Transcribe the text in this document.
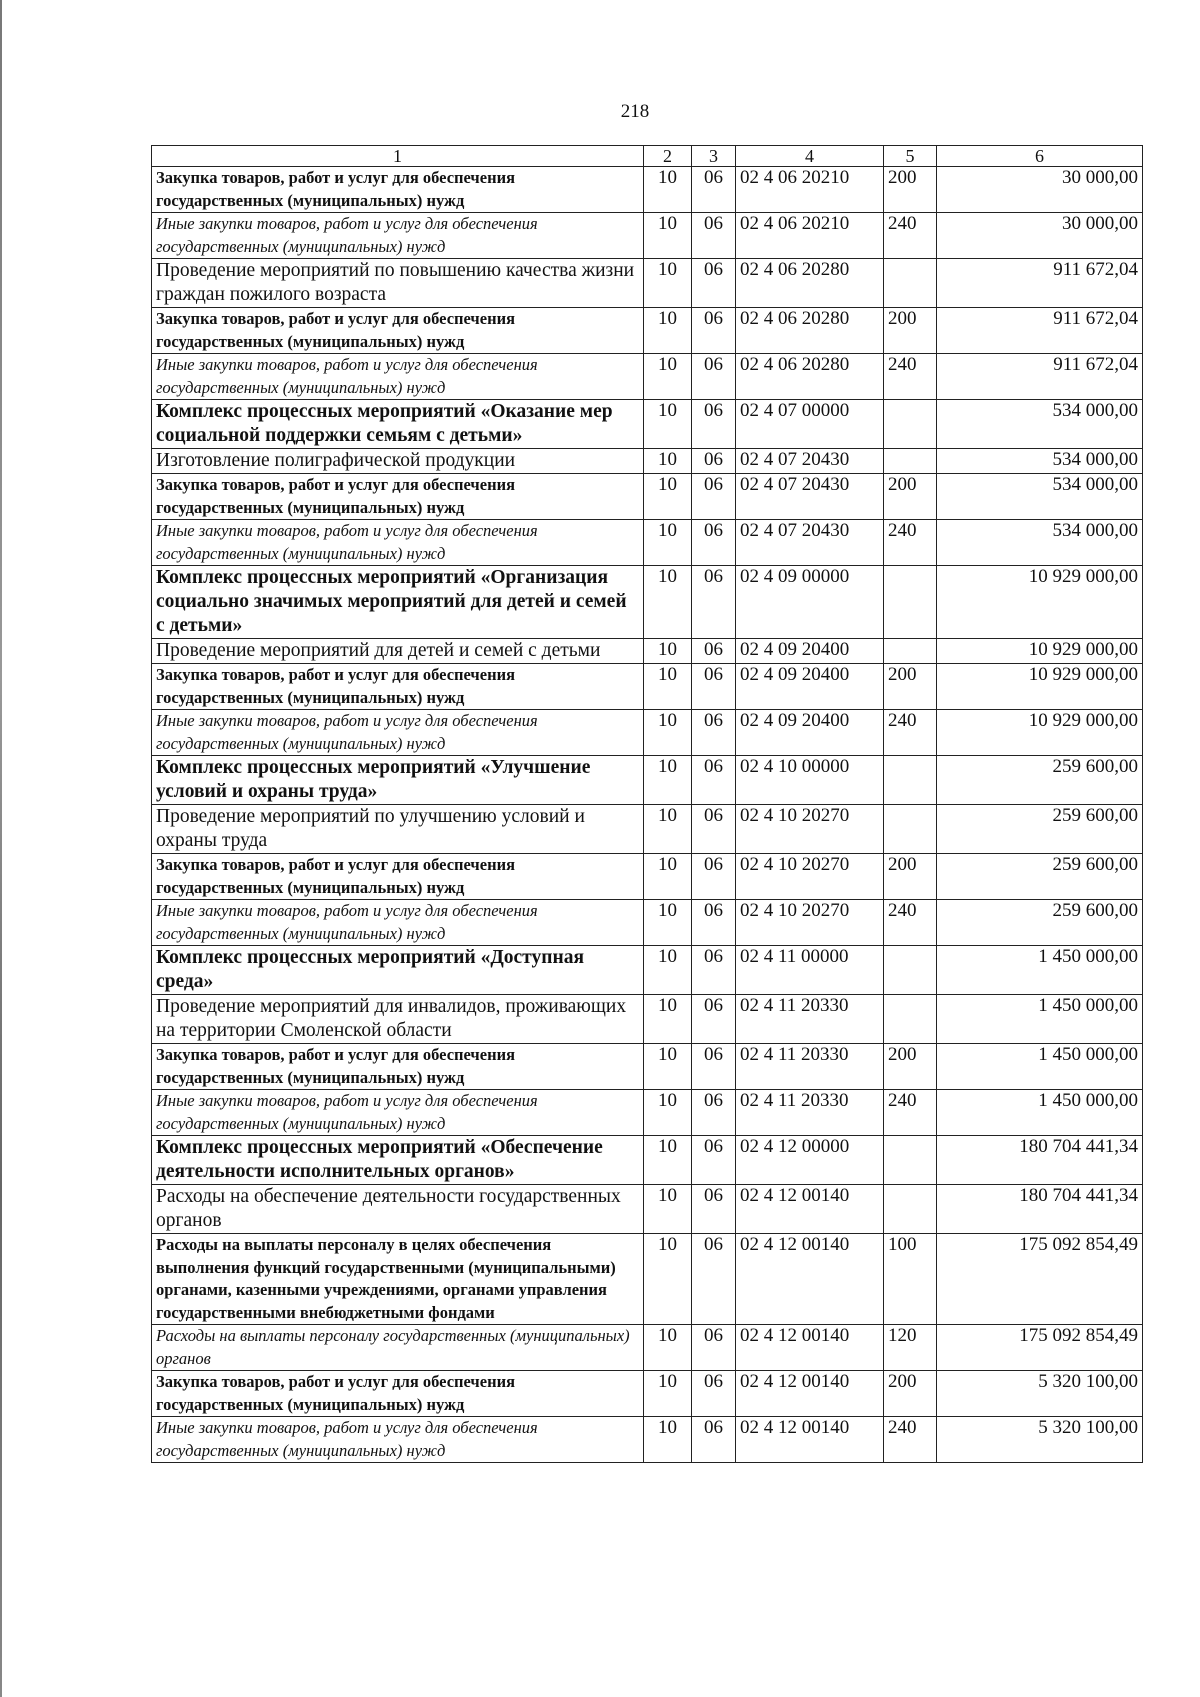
218
1	2	3	4	5	6
Закупка товаров, работ и услуг для обеспечения государственных (муниципальных) нужд	10	06	02 4 06 20210	200	30 000,00
Иные закупки товаров, работ и услуг для обеспечения государственных (муниципальных) нужд	10	06	02 4 06 20210	240	30 000,00
Проведение мероприятий по повышению качества жизни граждан пожилого возраста	10	06	02 4 06 20280		911 672,04
Закупка товаров, работ и услуг для обеспечения государственных (муниципальных) нужд	10	06	02 4 06 20280	200	911 672,04
Иные закупки товаров, работ и услуг для обеспечения государственных (муниципальных) нужд	10	06	02 4 06 20280	240	911 672,04
Комплекс процессных мероприятий «Оказание мер социальной поддержки семьям с детьми»	10	06	02 4 07 00000		534 000,00
Изготовление полиграфической продукции	10	06	02 4 07 20430		534 000,00
Закупка товаров, работ и услуг для обеспечения государственных (муниципальных) нужд	10	06	02 4 07 20430	200	534 000,00
Иные закупки товаров, работ и услуг для обеспечения государственных (муниципальных) нужд	10	06	02 4 07 20430	240	534 000,00
Комплекс процессных мероприятий «Организация социально значимых мероприятий для детей и семей с детьми»	10	06	02 4 09 00000		10 929 000,00
Проведение мероприятий для детей и семей с детьми	10	06	02 4 09 20400		10 929 000,00
Закупка товаров, работ и услуг для обеспечения государственных (муниципальных) нужд	10	06	02 4 09 20400	200	10 929 000,00
Иные закупки товаров, работ и услуг для обеспечения государственных (муниципальных) нужд	10	06	02 4 09 20400	240	10 929 000,00
Комплекс процессных мероприятий «Улучшение условий и охраны труда»	10	06	02 4 10 00000		259 600,00
Проведение мероприятий по улучшению условий и охраны труда	10	06	02 4 10 20270		259 600,00
Закупка товаров, работ и услуг для обеспечения государственных (муниципальных) нужд	10	06	02 4 10 20270	200	259 600,00
Иные закупки товаров, работ и услуг для обеспечения государственных (муниципальных) нужд	10	06	02 4 10 20270	240	259 600,00
Комплекс процессных мероприятий «Доступная среда»	10	06	02 4 11 00000		1 450 000,00
Проведение мероприятий для инвалидов, проживающих на территории Смоленской области	10	06	02 4 11 20330		1 450 000,00
Закупка товаров, работ и услуг для обеспечения государственных (муниципальных) нужд	10	06	02 4 11 20330	200	1 450 000,00
Иные закупки товаров, работ и услуг для обеспечения государственных (муниципальных) нужд	10	06	02 4 11 20330	240	1 450 000,00
Комплекс процессных мероприятий «Обеспечение деятельности исполнительных органов»	10	06	02 4 12 00000		180 704 441,34
Расходы на обеспечение деятельности государственных органов	10	06	02 4 12 00140		180 704 441,34
Расходы на выплаты персоналу в целях обеспечения выполнения функций государственными (муниципальными) органами, казенными учреждениями, органами управления государственными внебюджетными фондами	10	06	02 4 12 00140	100	175 092 854,49
Расходы на выплаты персоналу государственных (муниципальных) органов	10	06	02 4 12 00140	120	175 092 854,49
Закупка товаров, работ и услуг для обеспечения государственных (муниципальных) нужд	10	06	02 4 12 00140	200	5 320 100,00
Иные закупки товаров, работ и услуг для обеспечения государственных (муниципальных) нужд	10	06	02 4 12 00140	240	5 320 100,00
